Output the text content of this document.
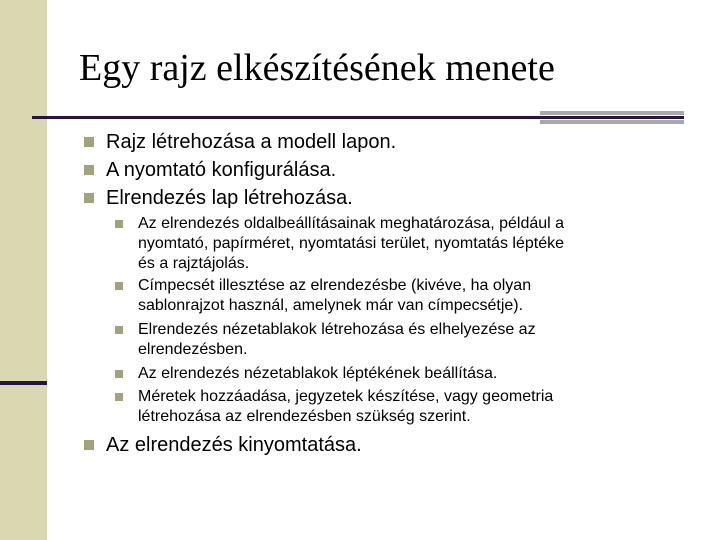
Egy rajz elkészítésének menete
Rajz létrehozása a modell lapon.
A nyomtató konfigurálása.
Elrendezés lap létrehozása.
Az elrendezés oldalbeállításainak meghatározása, például a
nyomtató, papírméret, nyomtatási terület, nyomtatás léptéke
és a rajztájolás.
Címpecsét illesztése az elrendezésbe (kivéve, ha olyan
sablonrajzot használ, amelynek már van címpecsétje).
Elrendezés nézetablakok létrehozása és elhelyezése az
elrendezésben.
Az elrendezés nézetablakok léptékének beállítása.
Méretek hozzáadása, jegyzetek készítése, vagy geometria
létrehozása az elrendezésben szükség szerint.
Az elrendezés kinyomtatása.
